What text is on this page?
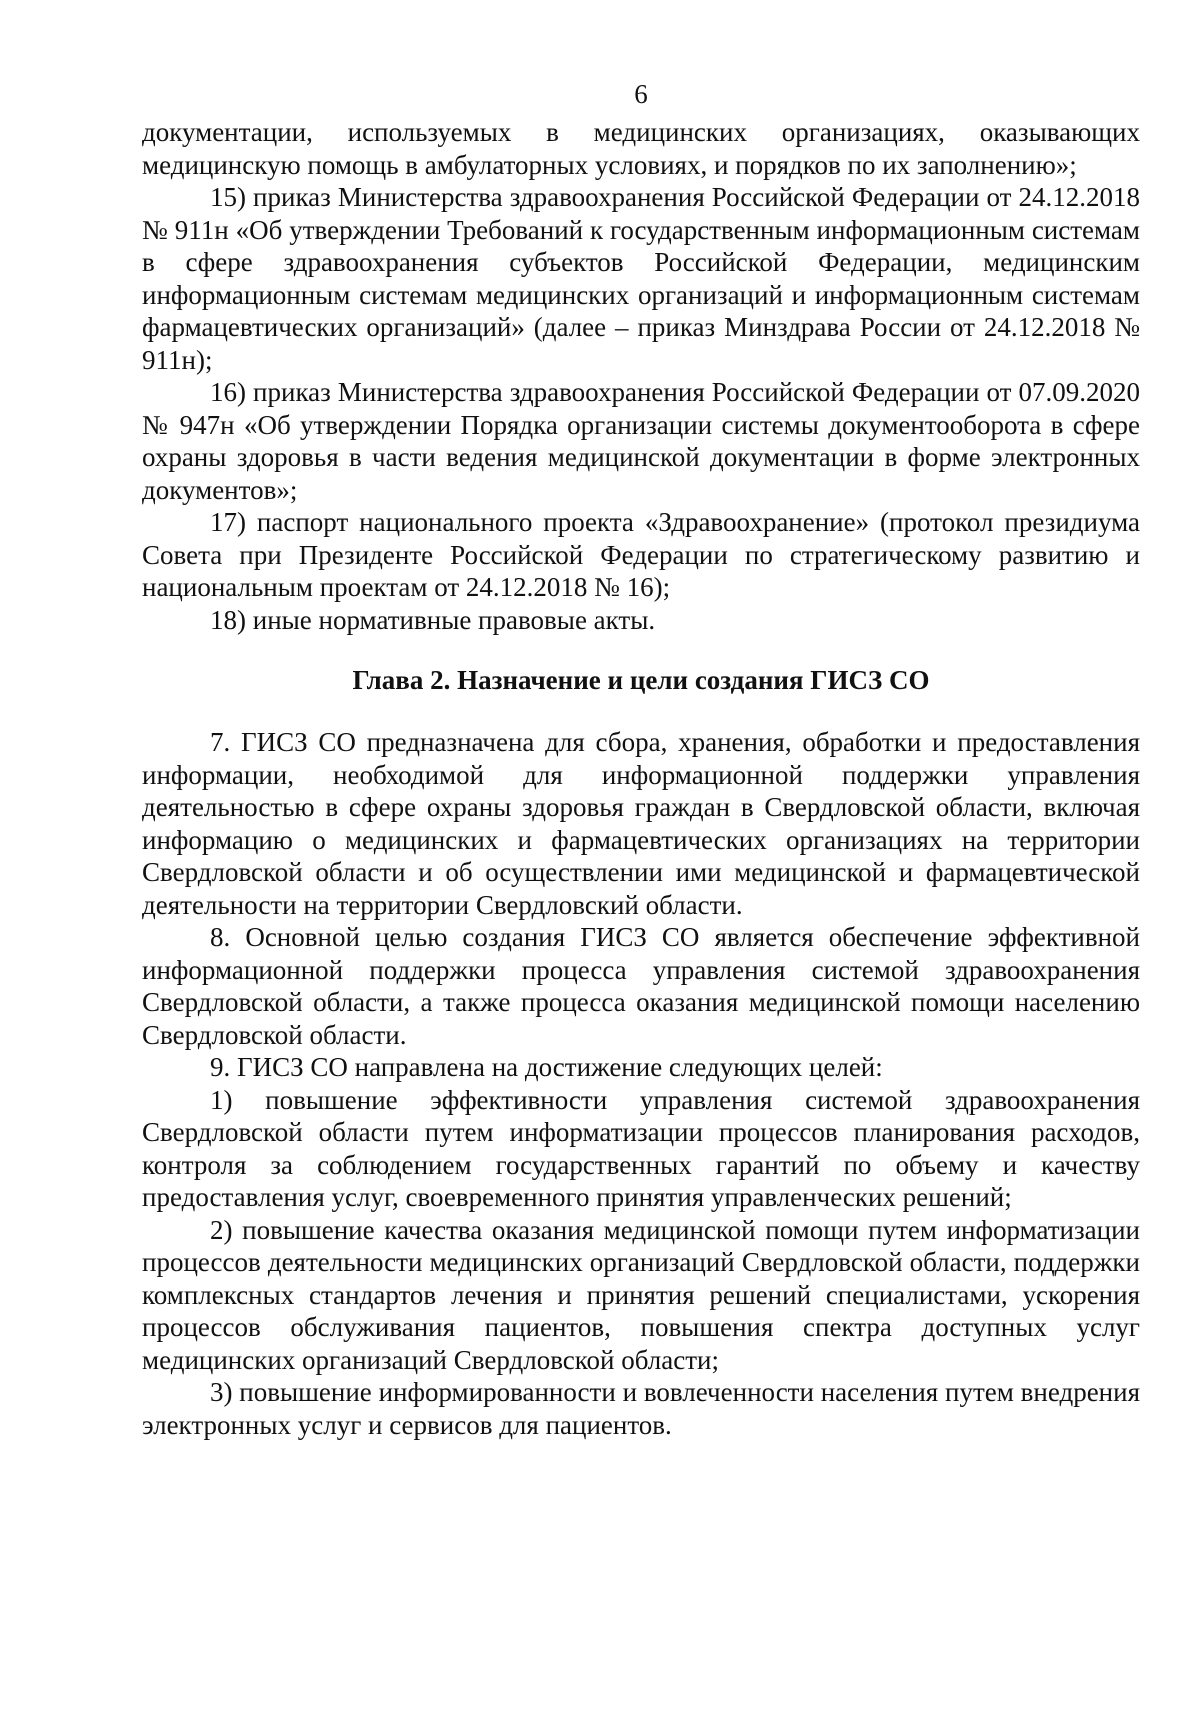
6

документации, используемых в медицинских организациях, оказывающих медицинскую помощь в амбулаторных условиях, и порядков по их заполнению»;

15) приказ Министерства здравоохранения Российской Федерации от 24.12.2018 № 911н «Об утверждении Требований к государственным информационным системам в сфере здравоохранения субъектов Российской Федерации, медицинским информационным системам медицинских организаций и информационным системам фармацевтических организаций» (далее – приказ Минздрава России от 24.12.2018 № 911н);

16) приказ Министерства здравоохранения Российской Федерации от 07.09.2020 № 947н «Об утверждении Порядка организации системы документооборота в сфере охраны здоровья в части ведения медицинской документации в форме электронных документов»;

17) паспорт национального проекта «Здравоохранение» (протокол президиума Совета при Президенте Российской Федерации по стратегическому развитию и национальным проектам от 24.12.2018 № 16);

18) иные нормативные правовые акты.

Глава 2. Назначение и цели создания ГИСЗ СО

7. ГИСЗ СО предназначена для сбора, хранения, обработки и предоставления информации, необходимой для информационной поддержки управления деятельностью в сфере охраны здоровья граждан в Свердловской области, включая информацию о медицинских и фармацевтических организациях на территории Свердловской области и об осуществлении ими медицинской и фармацевтической деятельности на территории Свердловский области.

8. Основной целью создания ГИСЗ СО является обеспечение эффективной информационной поддержки процесса управления системой здравоохранения Свердловской области, а также процесса оказания медицинской помощи населению Свердловской области.

9. ГИСЗ СО направлена на достижение следующих целей:

1) повышение эффективности управления системой здравоохранения Свердловской области путем информатизации процессов планирования расходов, контроля за соблюдением государственных гарантий по объему и качеству предоставления услуг, своевременного принятия управленческих решений;

2) повышение качества оказания медицинской помощи путем информатизации процессов деятельности медицинских организаций Свердловской области, поддержки комплексных стандартов лечения и принятия решений специалистами, ускорения процессов обслуживания пациентов, повышения спектра доступных услуг медицинских организаций Свердловской области;

3) повышение информированности и вовлеченности населения путем внедрения электронных услуг и сервисов для пациентов.
